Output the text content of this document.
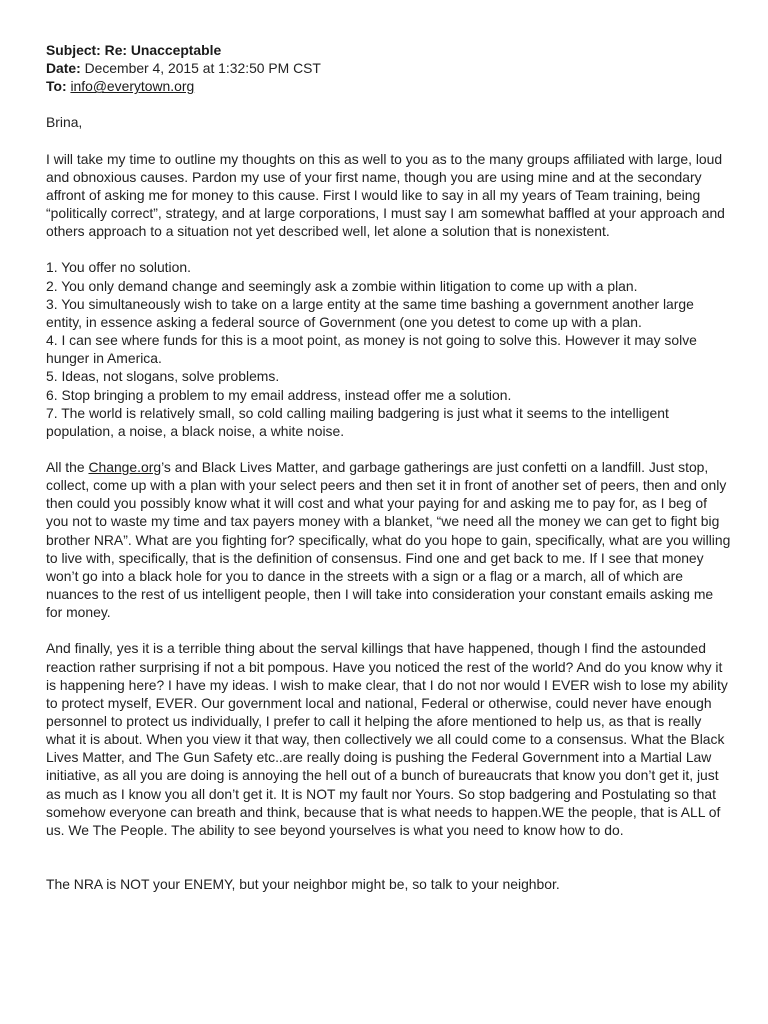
Subject: Re: Unacceptable

Date: December 4, 2015 at 1:32:50 PM CST

To: info@everytown.org

Brina,

I will take my time to outline my thoughts on this as well to you as to the many groups affiliated with large, loud and obnoxious causes. Pardon my use of your first name, though you are using mine and at the secondary affront of asking me for money to this cause. First I would like to say in all my years of Team training, being “politically correct”, strategy, and at large corporations, I must say I am somewhat baffled at your approach and others approach to a situation not yet described well, let alone a solution that is nonexistent.

1. You offer no solution.

2. You only demand change and seemingly ask a zombie within litigation to come up with a plan.

3. You simultaneously wish to take on a large entity at the same time bashing a government another large entity, in essence asking a federal source of Government (one you detest to come up with a plan.

4. I can see where funds for this is a moot point, as money is not going to solve this. However it may solve hunger in America.

5. Ideas, not slogans, solve problems.

6. Stop bringing a problem to my email address, instead offer me a solution.

7. The world is relatively small, so cold calling mailing badgering is just what it seems to the intelligent population, a noise, a black noise, a white noise.

All the Change.org’s and Black Lives Matter, and garbage gatherings are just confetti on a landfill. Just stop, collect, come up with a plan with your select peers and then set it in front of another set of peers, then and only then could you possibly know what it will cost and what your paying for and asking me to pay for, as I beg of you not to waste my time and tax payers money with a blanket, “we need all the money we can get to fight big brother NRA”. What are you fighting for? specifically, what do you hope to gain, specifically, what are you willing to live with, specifically, that is the definition of consensus. Find one and get back to me. If I see that money won’t go into a black hole for you to dance in the streets with a sign or a flag or a march, all of which are nuances to the rest of us intelligent people, then I will take into consideration your constant emails asking me for money.

And finally, yes it is a terrible thing about the serval killings that have happened, though I find the astounded reaction rather surprising if not a bit pompous. Have you noticed the rest of the world? And do you know why it is happening here? I have my ideas. I wish to make clear, that I do not nor would I EVER wish to lose my ability to protect myself, EVER. Our government local and national, Federal or otherwise, could never have enough personnel to protect us individually, I prefer to call it helping the afore mentioned to help us, as that is really what it is about. When you view it that way, then collectively we all could come to a consensus. What the Black Lives Matter, and The Gun Safety etc..are really doing is pushing the Federal Government into a Martial Law initiative, as all you are doing is annoying the hell out of a bunch of bureaucrats that know you don’t get it, just as much as I know you all don’t get it. It is NOT my fault nor Yours. So stop badgering and Postulating so that somehow everyone can breath and think, because that is what needs to happen.WE the people, that is ALL of us. We The People. The ability to see beyond yourselves is what you need to know how to do.

The NRA is NOT your ENEMY, but your neighbor might be, so talk to your neighbor.
